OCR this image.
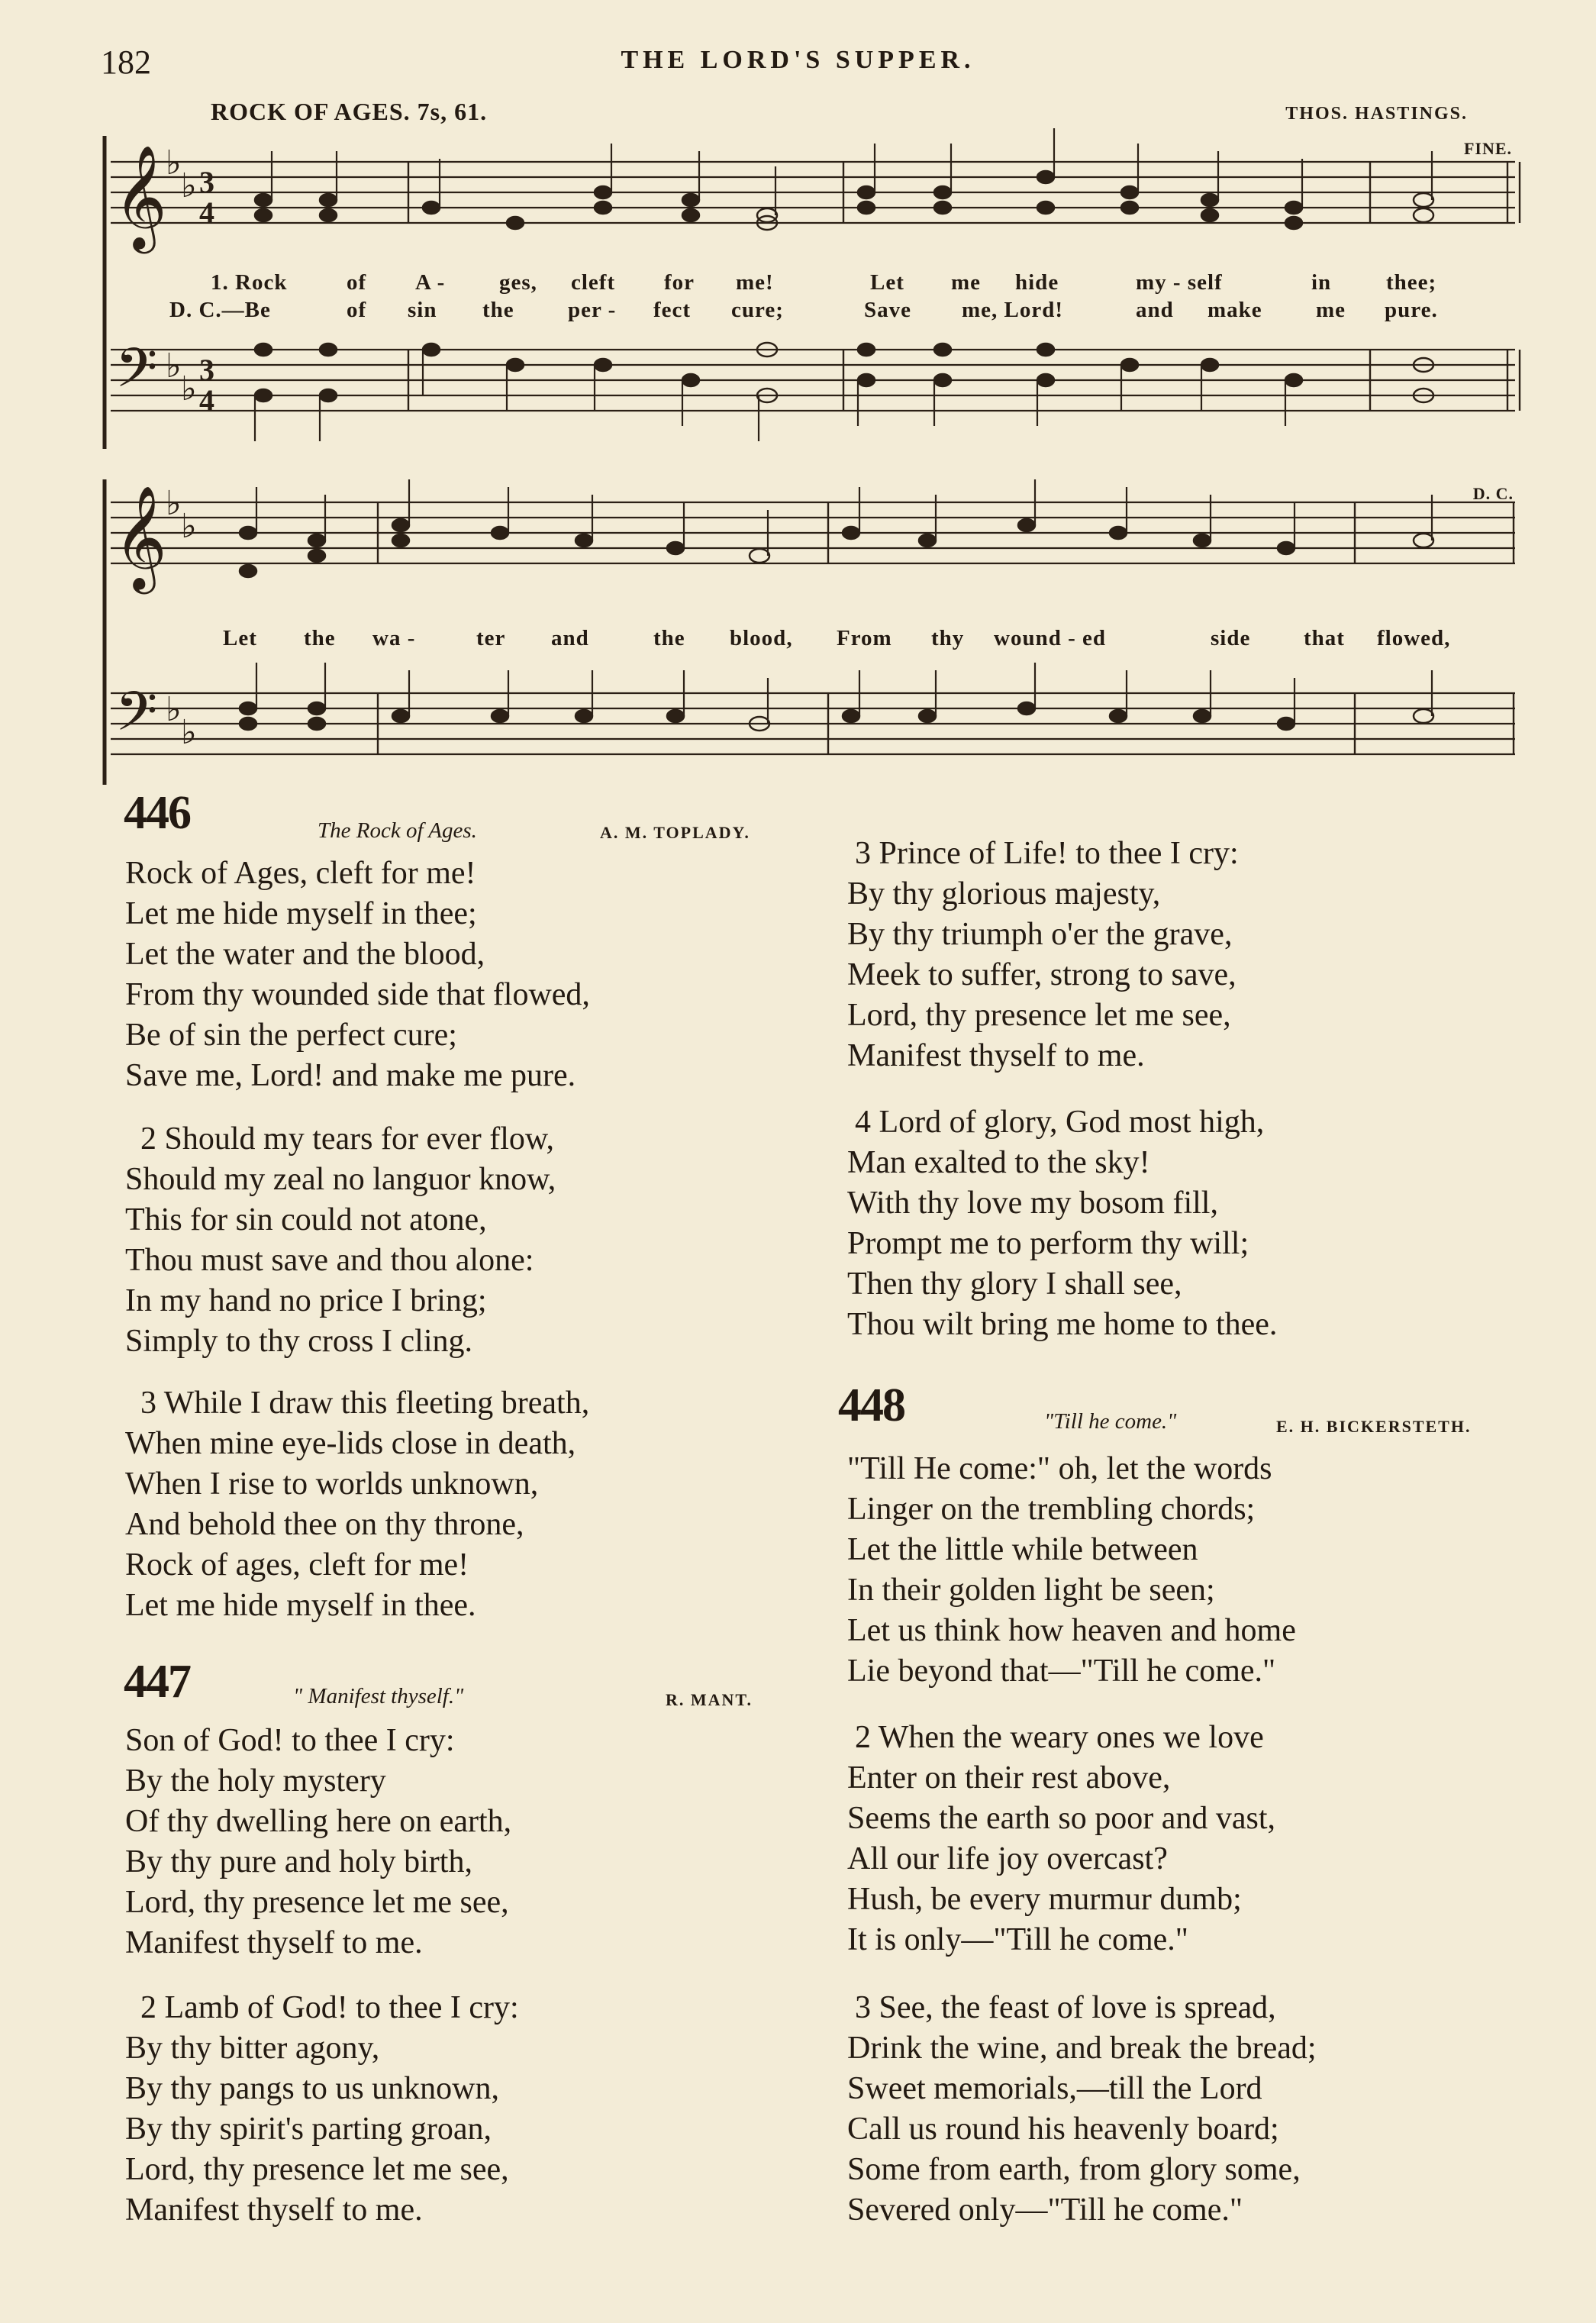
182	THE LORD'S SUPPER.
ROCK OF AGES. 7s, 61.	THOS. HASTINGS.
FINE.
D. C.
𝄞
𝄢
𝄞
𝄢
♭
♭
♭
♭
♭
♭
♭
♭
3
4
3
4
1. Rock	of A - ges, cleft for me!	Let me hide	my - self	in thee;
D. C.—Be	of sin the per - fect cure;	Save me, Lord!	and make me pure.
Let the wa -	ter and	the blood, From thy wound - ed	side that flowed,
446	The Rock of Ages.	A. M. TOPLADY.
Rock of Ages, cleft for me!
Let me hide myself in thee;
Let the water and the blood,
From thy wounded side that flowed,
Be of sin the perfect cure;
Save me, Lord! and make me pure.
2 Should my tears for ever flow,
Should my zeal no languor know,
This for sin could not atone,
Thou must save and thou alone:
In my hand no price I bring;
Simply to thy cross I cling.
3 While I draw this fleeting breath,
When mine eye-lids close in death,
When I rise to worlds unknown,
And behold thee on thy throne,
Rock of ages, cleft for me!
Let me hide myself in thee.
447	" Manifest thyself."	R. MANT.
Son of God! to thee I cry:
By the holy mystery
Of thy dwelling here on earth,
By thy pure and holy birth,
Lord, thy presence let me see,
Manifest thyself to me.
2 Lamb of God! to thee I cry:
By thy bitter agony,
By thy pangs to us unknown,
By thy spirit's parting groan,
Lord, thy presence let me see,
Manifest thyself to me.
3 Prince of Life! to thee I cry:
By thy glorious majesty,
By thy triumph o'er the grave,
Meek to suffer, strong to save,
Lord, thy presence let me see,
Manifest thyself to me.
4 Lord of glory, God most high,
Man exalted to the sky!
With thy love my bosom fill,
Prompt me to perform thy will;
Then thy glory I shall see,
Thou wilt bring me home to thee.
448	"Till he come."	E. H. BICKERSTETH.
"Till He come:" oh, let the words
Linger on the trembling chords;
Let the little while between
In their golden light be seen;
Let us think how heaven and home
Lie beyond that—"Till he come."
2 When the weary ones we love
Enter on their rest above,
Seems the earth so poor and vast,
All our life joy overcast?
Hush, be every murmur dumb;
It is only—"Till he come."
3 See, the feast of love is spread,
Drink the wine, and break the bread;
Sweet memorials,—till the Lord
Call us round his heavenly board;
Some from earth, from glory some,
Severed only—"Till he come."
